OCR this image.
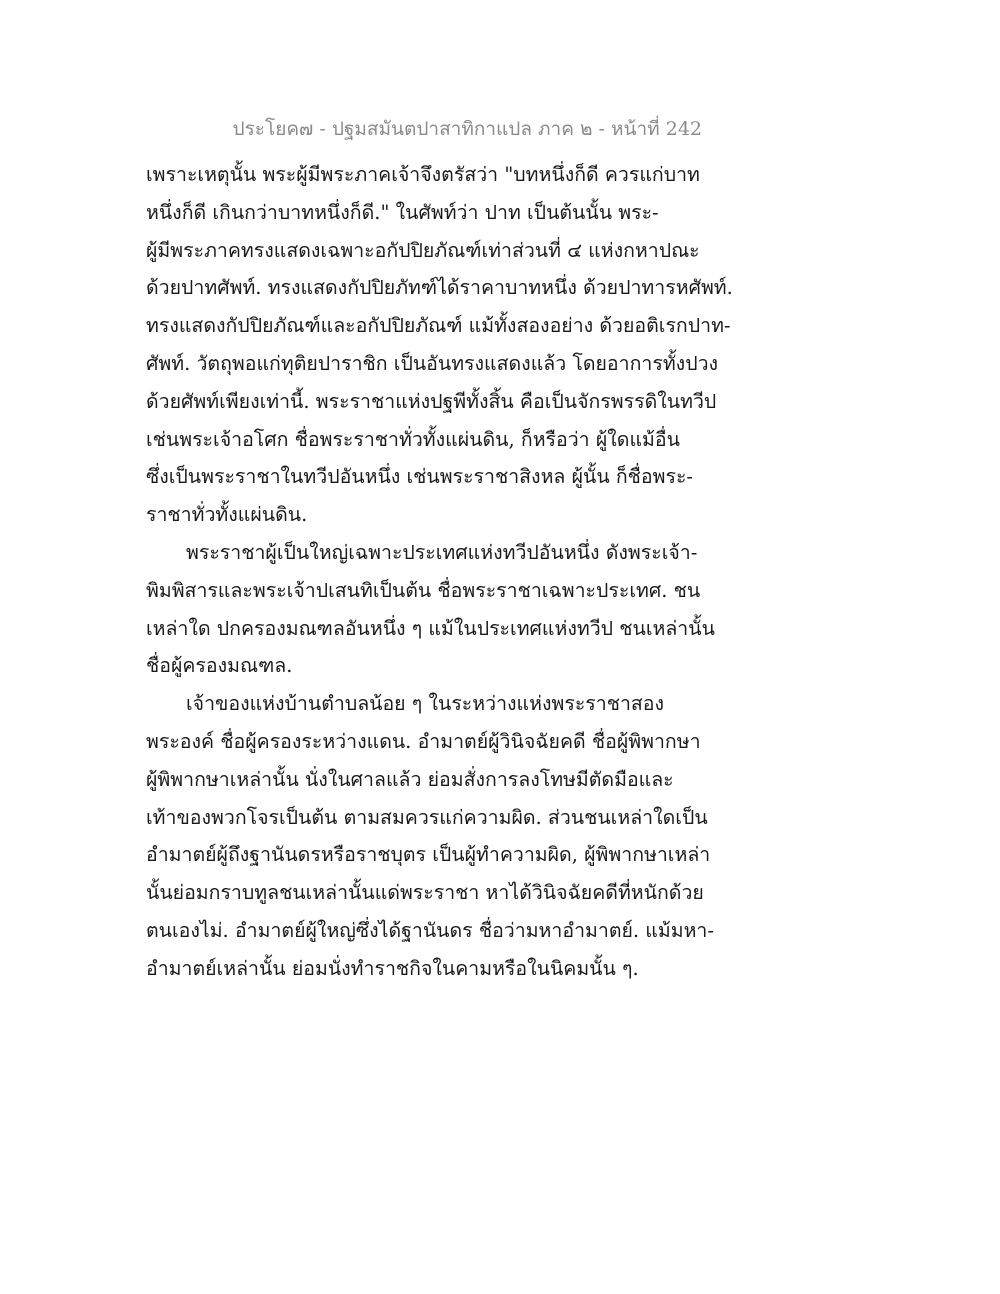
ประโยค๗ - ปฐมสมันตปาสาทิกาแปล ภาค ๒ - หน้าที่ 242
เพราะเหตุนั้น พระผู้มีพระภาคเจ้าจึงตรัสว่า "บทหนึ่งก็ดี ควรแก่บาท
หนึ่งก็ดี เกินกว่าบาทหนึ่งก็ดี." ในศัพท์ว่า ปาท เป็นต้นนั้น พระ-
ผู้มีพระภาคทรงแสดงเฉพาะอกัปปิยภัณฑ์เท่าส่วนที่ ๔ แห่งกหาปณะ
ด้วยปาทศัพท์. ทรงแสดงกัปปิยภัทฑ์ได้ราคาบาทหนึ่ง ด้วยปาทารหศัพท์.
ทรงแสดงกัปปิยภัณฑ์และอกัปปิยภัณฑ์ แม้ทั้งสองอย่าง ด้วยอติเรกปาท-
ศัพท์. วัตถุพอแก่ทุติยปาราชิก เป็นอันทรงแสดงแล้ว โดยอาการทั้งปวง
ด้วยศัพท์เพียงเท่านี้. พระราชาแห่งปฐพีทั้งสิ้น คือเป็นจักรพรรดิในทวีป
เช่นพระเจ้าอโศก ชื่อพระราชาทั่วทั้งแผ่นดิน, ก็หรือว่า ผู้ใดแม้อื่น
ซึ่งเป็นพระราชาในทวีปอันหนึ่ง เช่นพระราชาสิงหล ผู้นั้น ก็ชื่อพระ-
ราชาทั่วทั้งแผ่นดิน.
พระราชาผู้เป็นใหญ่เฉพาะประเทศแห่งทวีปอันหนึ่ง ดังพระเจ้า-
พิมพิสารและพระเจ้าปเสนทิเป็นต้น ชื่อพระราชาเฉพาะประเทศ. ชน
เหล่าใด ปกครองมณฑลอันหนึ่ง ๆ แม้ในประเทศแห่งทวีป ชนเหล่านั้น
ชื่อผู้ครองมณฑล.
เจ้าของแห่งบ้านตำบลน้อย ๆ ในระหว่างแห่งพระราชาสอง
พระองค์ ชื่อผู้ครองระหว่างแดน. อำมาตย์ผู้วินิจฉัยคดี ชื่อผู้พิพากษา
ผู้พิพากษาเหล่านั้น นั่งในศาลแล้ว ย่อมสั่งการลงโทษมีตัดมือและ
เท้าของพวกโจรเป็นต้น ตามสมควรแก่ความผิด. ส่วนชนเหล่าใดเป็น
อำมาตย์ผู้ถึงฐานันดรหรือราชบุตร เป็นผู้ทำความผิด, ผู้พิพากษาเหล่า
นั้นย่อมกราบทูลชนเหล่านั้นแด่พระราชา หาได้วินิจฉัยคดีที่หนักด้วย
ตนเองไม่. อำมาตย์ผู้ใหญ่ซึ่งได้ฐานันดร ชื่อว่ามหาอำมาตย์. แม้มหา-
อำมาตย์เหล่านั้น ย่อมนั่งทำราชกิจในคามหรือในนิคมนั้น ๆ.
